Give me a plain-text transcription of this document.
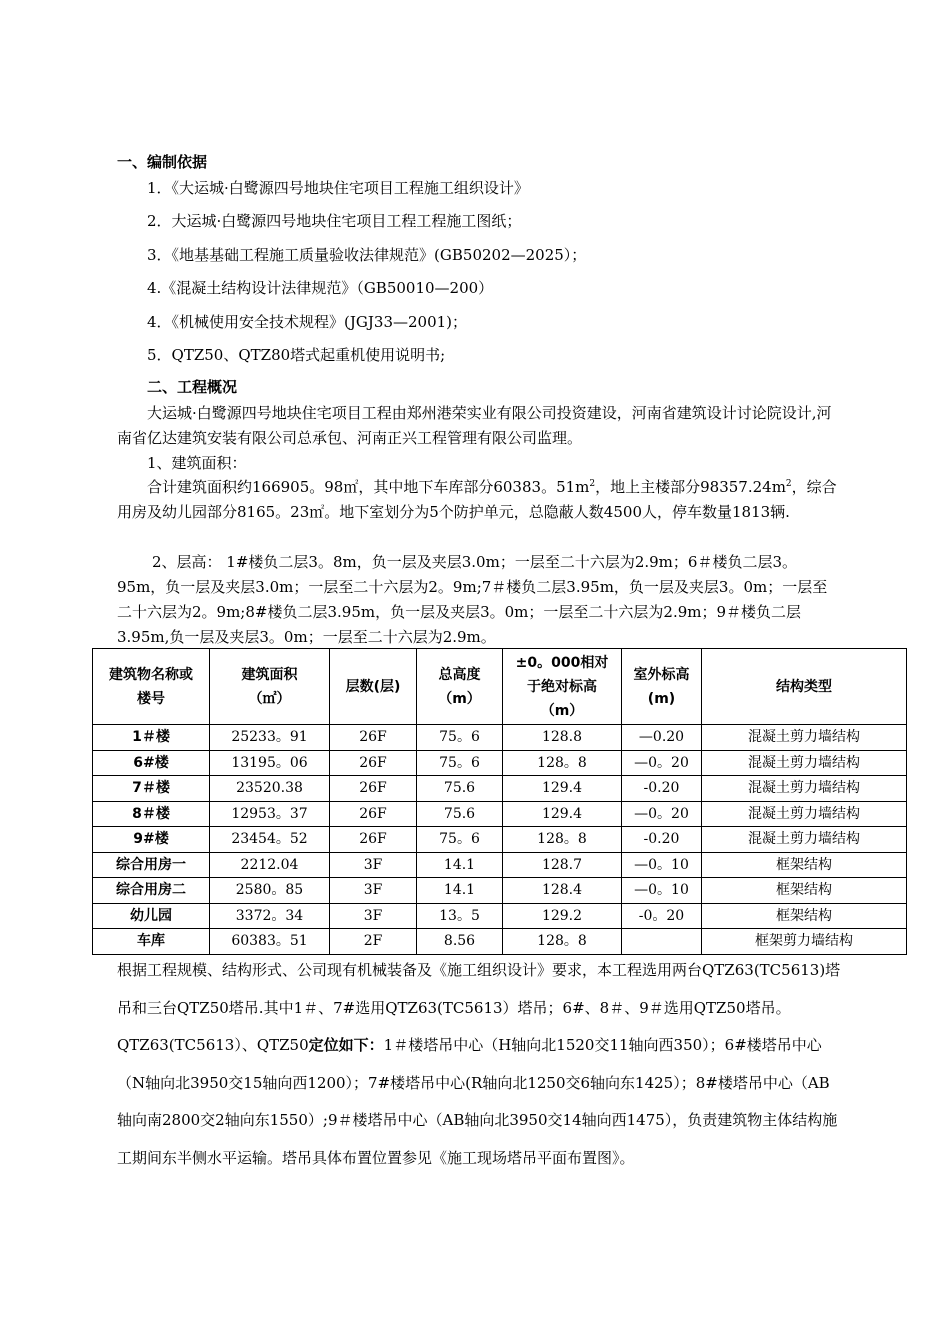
一、编制依据
1．《大运城·白鹭源四号地块住宅项目工程施工组织设计》
2．大运城·白鹭源四号地块住宅项目工程工程施工图纸；
3．《地基基础工程施工质量验收法律规范》(GB50202—2025）；
4.《混凝土结构设计法律规范》（GB50010—200）
4．《机械使用安全技术规程》(JGJ33—2001)；
5．QTZ50、QTZ80塔式起重机使用说明书;
二、工程概况
大运城·白鹭源四号地块住宅项目工程由郑州港荣实业有限公司投资建设，河南省建筑设计讨论院设计,河南省亿达建筑安装有限公司总承包、河南正兴工程管理有限公司监理。
1、建筑面积：
合计建筑面积约166905。98㎡，其中地下车库部分60383。$51m^2$，地上主楼部分$98357.24m^2$，综合用房及幼儿园部分8165。23㎡。地下室划分为5个防护单元，总隐蔽人数4500人，停车数量1813辆.
2、层高： 1#楼负二层3。8m，负一层及夹层3.0m；一层至二十六层为2.9m；6＃楼负二层3。95m，负一层及夹层3.0m；一层至二十六层为2。9m;7＃楼负二层3.95m，负一层及夹层3。0m；一层至二十六层为2。9m;8#楼负二层3.95m，负一层及夹层3。0m；一层至二十六层为2.9m；9＃楼负二层3.95m,负一层及夹层3。0m；一层至二十六层为2.9m。
建筑物名称或楼号	建筑面积（㎡）	层数(层)	总高度（m）	±0。000相对于绝对标高（m）	室外标高(m)	结构类型
1＃楼	25233。91	26F	75。6	128.8	—0.20	混凝土剪力墙结构
6#楼	13195。06	26F	75。6	128。8	—0。20	混凝土剪力墙结构
7＃楼	23520.38	26F	75.6	129.4	-0.20	混凝土剪力墙结构
8＃楼	12953。37	26F	75.6	129.4	—0。20	混凝土剪力墙结构
9#楼	23454。52	26F	75。6	128。8	-0.20	混凝土剪力墙结构
综合用房一	2212.04	3F	14.1	128.7	—0。10	框架结构
综合用房二	2580。85	3F	14.1	128.4	—0。10	框架结构
幼儿园	3372。34	3F	13。5	129.2	-0。20	框架结构
车库	60383。51	2F	8.56	128。8		框架剪力墙结构
根据工程规模、结构形式、公司现有机械装备及《施工组织设计》要求，本工程选用两台QTZ63(TC5613)塔吊和三台QTZ50塔吊.其中1＃、7#选用QTZ63(TC5613）塔吊；6#、8＃、9＃选用QTZ50塔吊。QTZ63(TC5613）、QTZ50定位如下：1＃楼塔吊中心（H轴向北1520交11轴向西350）；6#楼塔吊中心（N轴向北3950交15轴向西1200）；7#楼塔吊中心(R轴向北1250交6轴向东1425）；8#楼塔吊中心（AB轴向南2800交2轴向东1550）;9＃楼塔吊中心（AB轴向北3950交14轴向西1475），负责建筑物主体结构施工期间东半侧水平运输。塔吊具体布置位置参见《施工现场塔吊平面布置图》。
